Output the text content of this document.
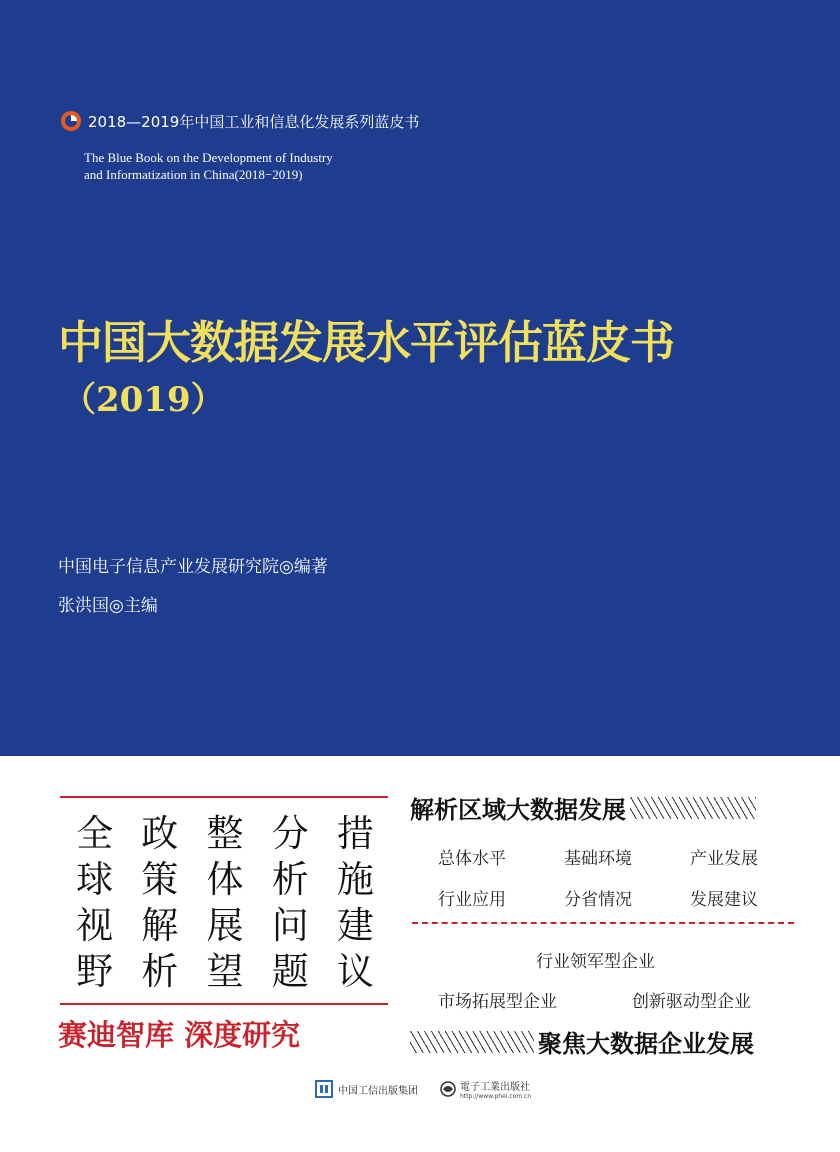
2018—2019年中国工业和信息化发展系列蓝皮书
The Blue Book on the Development of Industry
and Informatization in China(2018−2019)
中国大数据发展水平评估蓝皮书
（2019）
中国电子信息产业发展研究院◎编著
张洪国◎主编
全 政 整 分 措
球 策 体 析 施
视 解 展 问 建
野 析 望 题 议
赛迪智库 深度研究
解析区域大数据发展
总体水平	基础环境	产业发展
行业应用	分省情况	发展建议
行业领军型企业
市场拓展型企业	创新驱动型企业
聚焦大数据企业发展
中国工信出版集团	電子工業出版社
http://www.phei.com.cn
